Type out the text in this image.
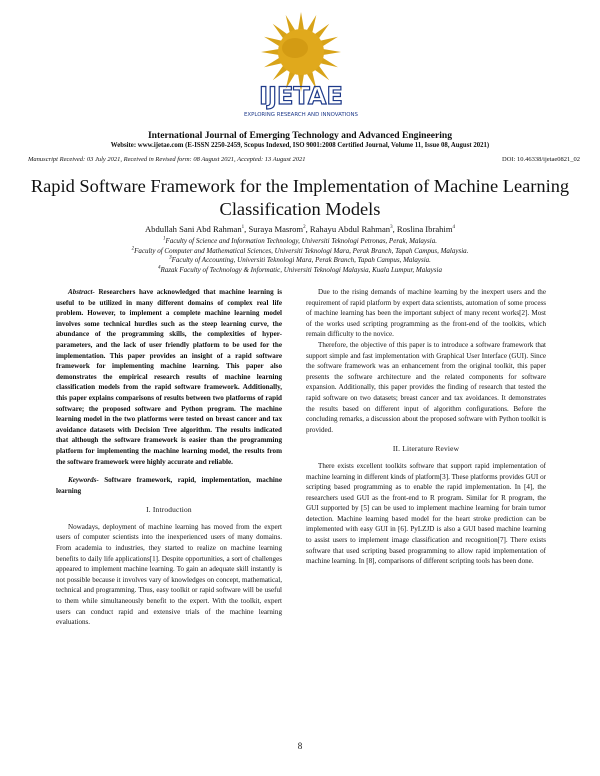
IJETAE
EXPLORING RESEARCH AND INNOVATIONS
International Journal of Emerging Technology and Advanced Engineering
Website: www.ijetae.com (E-ISSN 2250-2459, Scopus Indexed, ISO 9001:2008 Certified Journal, Volume 11, Issue 08, August 2021)
Manuscript Received: 03 July 2021, Received in Revised form: 08 August 2021, Accepted: 13 August 2021	DOI: 10.46338/ijetae0821_02
Rapid Software Framework for the Implementation of Machine Learning Classification Models
Abdullah Sani Abd Rahman$^1$, Suraya Masrom$^2$, Rahayu Abdul Rahman$^3$, Roslina Ibrahim$^4$
$^1$Faculty of Science and Information Technology, Universiti Teknologi Petronas, Perak, Malaysia.
$^2$Faculty of Computer and Mathematical Sciences, Universiti Teknologi Mara, Perak Branch, Tapah Campus, Malaysia.
$^3$Faculty of Accounting, Universiti Teknologi Mara, Perak Branch, Tapah Campus, Malaysia.
$^4$Razak Faculty of Technology & Informatic, Universiti Teknologi Malaysia, Kuala Lumpur, Malaysia

Abstract- Researchers have acknowledged that machine learning is useful to be utilized in many different domains of complex real life problem. However, to implement a complete machine learning model involves some technical hurdles such as the steep learning curve, the abundance of the programming skills, the complexities of hyper-parameters, and the lack of user friendly platform to be used for the implementation. This paper provides an insight of a rapid software framework for implementing machine learning. This paper also demonstrates the empirical research results of machine learning classification models from the rapid software framework. Additionally, this paper explains comparisons of results between two platforms of rapid software; the proposed software and Python program. The machine learning model in the two platforms were tested on breast cancer and tax avoidance datasets with Decision Tree algorithm. The results indicated that although the software framework is easier than the programming platform for implementing the machine learning model, the results from the software framework were highly accurate and reliable.

Keywords- Software framework, rapid, implementation, machine learning

I. Introduction

Nowadays, deployment of machine learning has moved from the expert users of computer scientists into the inexperienced users of many domains. From academia to industries, they started to realize on machine learning benefits to daily life applications[1]. Despite opportunities, a sort of challenges appeared to implement machine learning. To gain an adequate skill instantly is not possible because it involves vary of knowledges on concept, mathematical, technical and programming. Thus, easy toolkit or rapid software will be useful to them while simultaneously benefit to the expert. With the toolkit, expert users can conduct rapid and extensive trials of the machine learning evaluations.

Due to the rising demands of machine learning by the inexpert users and the requirement of rapid platform by expert data scientists, automation of some process of machine learning has been the important subject of many recent works[2]. Most of the works used scripting programming as the front-end of the toolkits, which remain difficulty to the novice.

Therefore, the objective of this paper is to introduce a software framework that support simple and fast implementation with Graphical User Interface (GUI). Since the software framework was an enhancement from the original toolkit, this paper presents the software architecture and the related components for software expansion. Additionally, this paper provides the finding of research that tested the rapid software on two datasets; breast cancer and tax avoidances. It demonstrates the results based on different input of algorithm configurations. Before the concluding remarks, a discussion about the proposed software with Python toolkit is provided.

II. Literature Review

There exists excellent toolkits software that support rapid implementation of machine learning in different kinds of platform[3]. These platforms provides GUI or scripting based programming as to enable the rapid implementation. In [4], the researchers used GUI as the front-end to R program. Similar for R program, the GUI supported by [5] can be used to implement machine learning for brain tumor detection. Machine learning based model for the heart stroke prediction can be implemented with easy GUI in [6]. PyLZJD is also a GUI based machine learning to assist users to implement image classification and recognition[7]. There exists software that used scripting based programming to allow rapid implementation of machine learning. In [8], comparisons of different scripting tools has been done.

8
